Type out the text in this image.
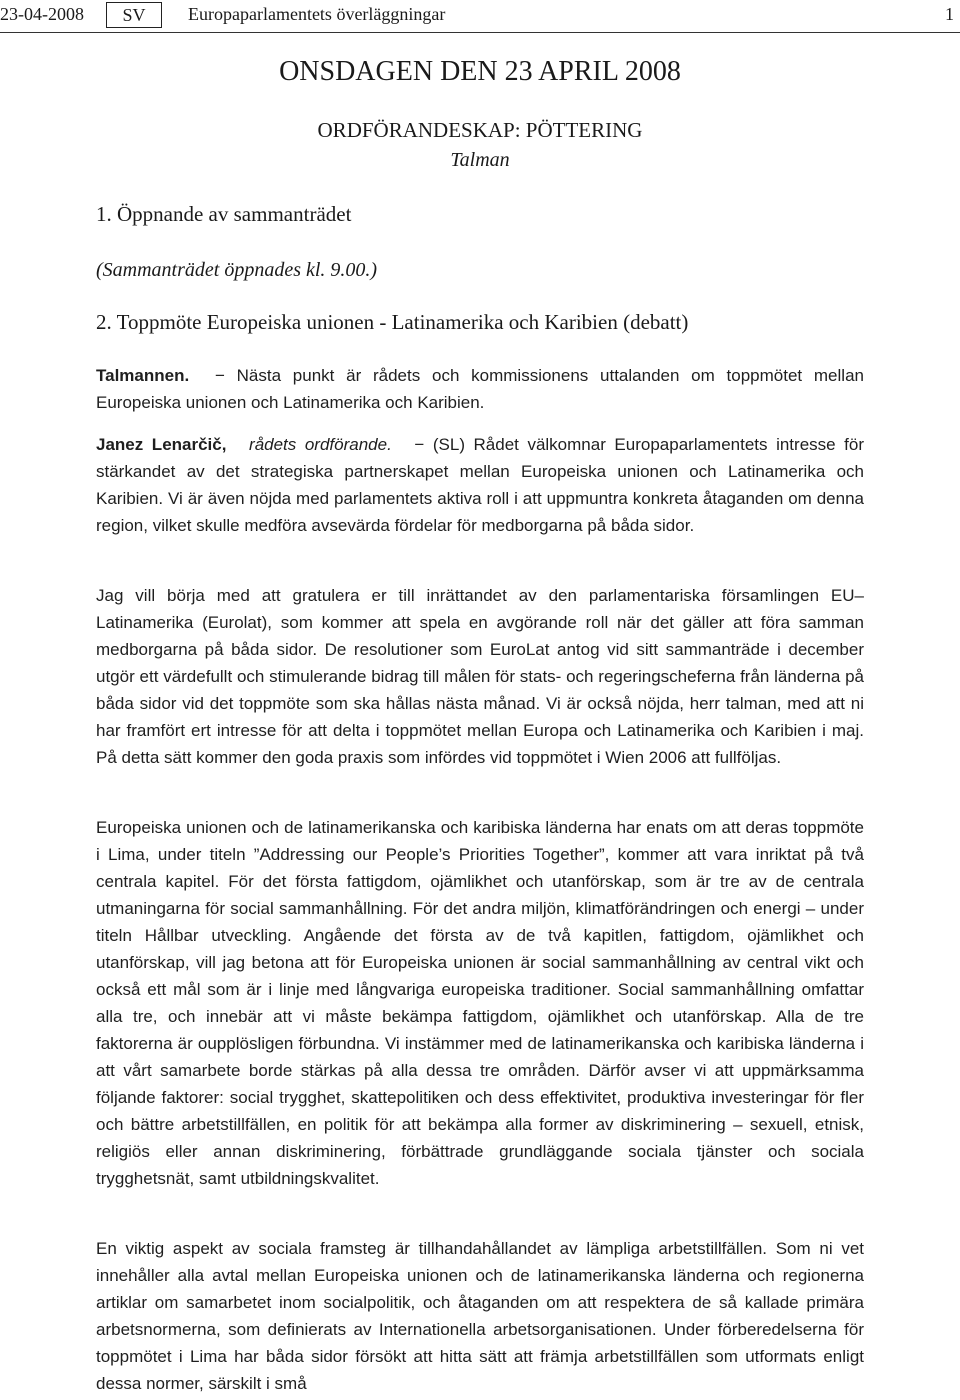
23-04-2008	SV	Europaparlamentets överläggningar	1
ONSDAGEN DEN 23 APRIL 2008
ORDFÖRANDESKAP: PÖTTERING
Talman
1. Öppnande av sammanträdet
(Sammanträdet öppnades kl. 9.00.)
2. Toppmöte Europeiska unionen - Latinamerika och Karibien (debatt)

Talmannen. − Nästa punkt är rådets och kommissionens uttalanden om toppmötet mellan Europeiska unionen och Latinamerika och Karibien.

Janez Lenarčič, rådets ordförande. − (SL) Rådet välkomnar Europaparlamentets intresse för stärkandet av det strategiska partnerskapet mellan Europeiska unionen och Latinamerika och Karibien. Vi är även nöjda med parlamentets aktiva roll i att uppmuntra konkreta åtaganden om denna region, vilket skulle medföra avsevärda fördelar för medborgarna på båda sidor.

Jag vill börja med att gratulera er till inrättandet av den parlamentariska församlingen EU–Latinamerika (Eurolat), som kommer att spela en avgörande roll när det gäller att föra samman medborgarna på båda sidor. De resolutioner som EuroLat antog vid sitt sammanträde i december utgör ett värdefullt och stimulerande bidrag till målen för stats- och regeringscheferna från länderna på båda sidor vid det toppmöte som ska hållas nästa månad. Vi är också nöjda, herr talman, med att ni har framfört ert intresse för att delta i toppmötet mellan Europa och Latinamerika och Karibien i maj. På detta sätt kommer den goda praxis som infördes vid toppmötet i Wien 2006 att fullföljas.

Europeiska unionen och de latinamerikanska och karibiska länderna har enats om att deras toppmöte i Lima, under titeln ”Addressing our People’s Priorities Together”, kommer att vara inriktat på två centrala kapitel. För det första fattigdom, ojämlikhet och utanförskap, som är tre av de centrala utmaningarna för social sammanhållning. För det andra miljön, klimatförändringen och energi – under titeln Hållbar utveckling. Angående det första av de två kapitlen, fattigdom, ojämlikhet och utanförskap, vill jag betona att för Europeiska unionen är social sammanhållning av central vikt och också ett mål som är i linje med långvariga europeiska traditioner. Social sammanhållning omfattar alla tre, och innebär att vi måste bekämpa fattigdom, ojämlikhet och utanförskap. Alla de tre faktorerna är oupplösligen förbundna. Vi instämmer med de latinamerikanska och karibiska länderna i att vårt samarbete borde stärkas på alla dessa tre områden. Därför avser vi att uppmärksamma följande faktorer: social trygghet, skattepolitiken och dess effektivitet, produktiva investeringar för fler och bättre arbetstillfällen, en politik för att bekämpa alla former av diskriminering – sexuell, etnisk, religiös eller annan diskriminering, förbättrade grundläggande sociala tjänster och sociala trygghetsnät, samt utbildningskvalitet.

En viktig aspekt av sociala framsteg är tillhandahållandet av lämpliga arbetstillfällen. Som ni vet innehåller alla avtal mellan Europeiska unionen och de latinamerikanska länderna och regionerna artiklar om samarbetet inom socialpolitik, och åtaganden om att respektera de så kallade primära arbetsnormerna, som definierats av Internationella arbetsorganisationen. Under förberedelserna för toppmötet i Lima har båda sidor försökt att hitta sätt att främja arbetstillfällen som utformats enligt dessa normer, särskilt i små
